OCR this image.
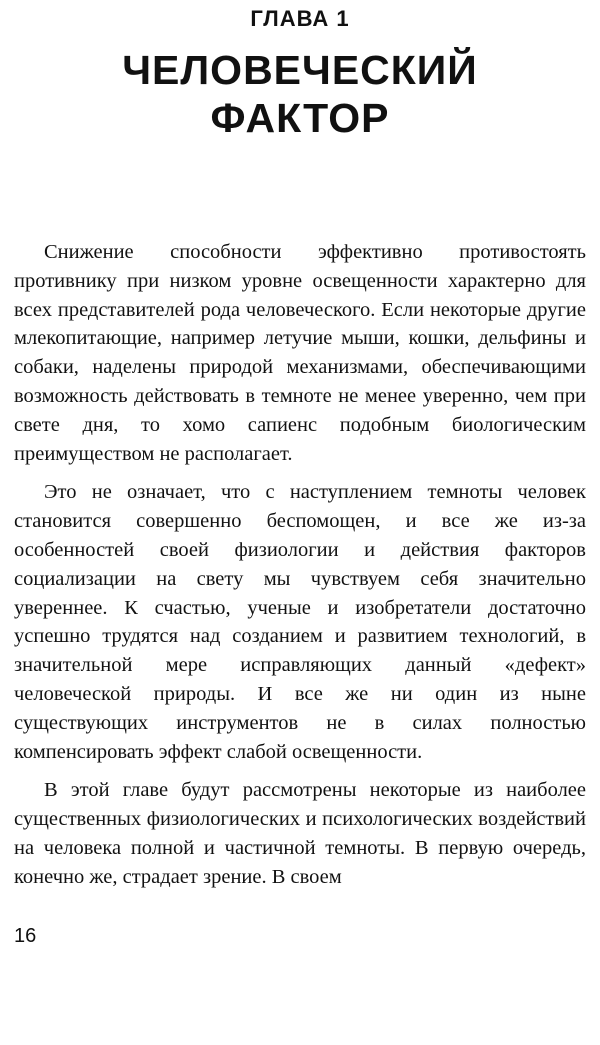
ГЛАВА 1
ЧЕЛОВЕЧЕСКИЙ
ФАКТОР

Снижение способности эффективно противостоять противнику при низком уровне освещенности характерно для всех представителей рода человеческого. Если некоторые другие млекопитающие, например летучие мыши, кошки, дельфины и собаки, наделены природой механизмами, обеспечивающими возможность действовать в темноте не менее уверенно, чем при свете дня, то хомо сапиенс подобным биологическим преимуществом не располагает.

Это не означает, что с наступлением темноты человек становится совершенно беспомощен, и все же из-за особенностей своей физиологии и действия факторов социализации на свету мы чувствуем себя значительно увереннее. К счастью, ученые и изобретатели достаточно успешно трудятся над созданием и развитием технологий, в значительной мере исправляющих данный «дефект» человеческой природы. И все же ни один из ныне существующих инструментов не в силах полностью компенсировать эффект слабой освещенности.

В этой главе будут рассмотрены некоторые из наиболее существенных физиологических и психологических воздействий на человека полной и частичной темноты. В первую очередь, конечно же, страдает зрение. В своем

16
